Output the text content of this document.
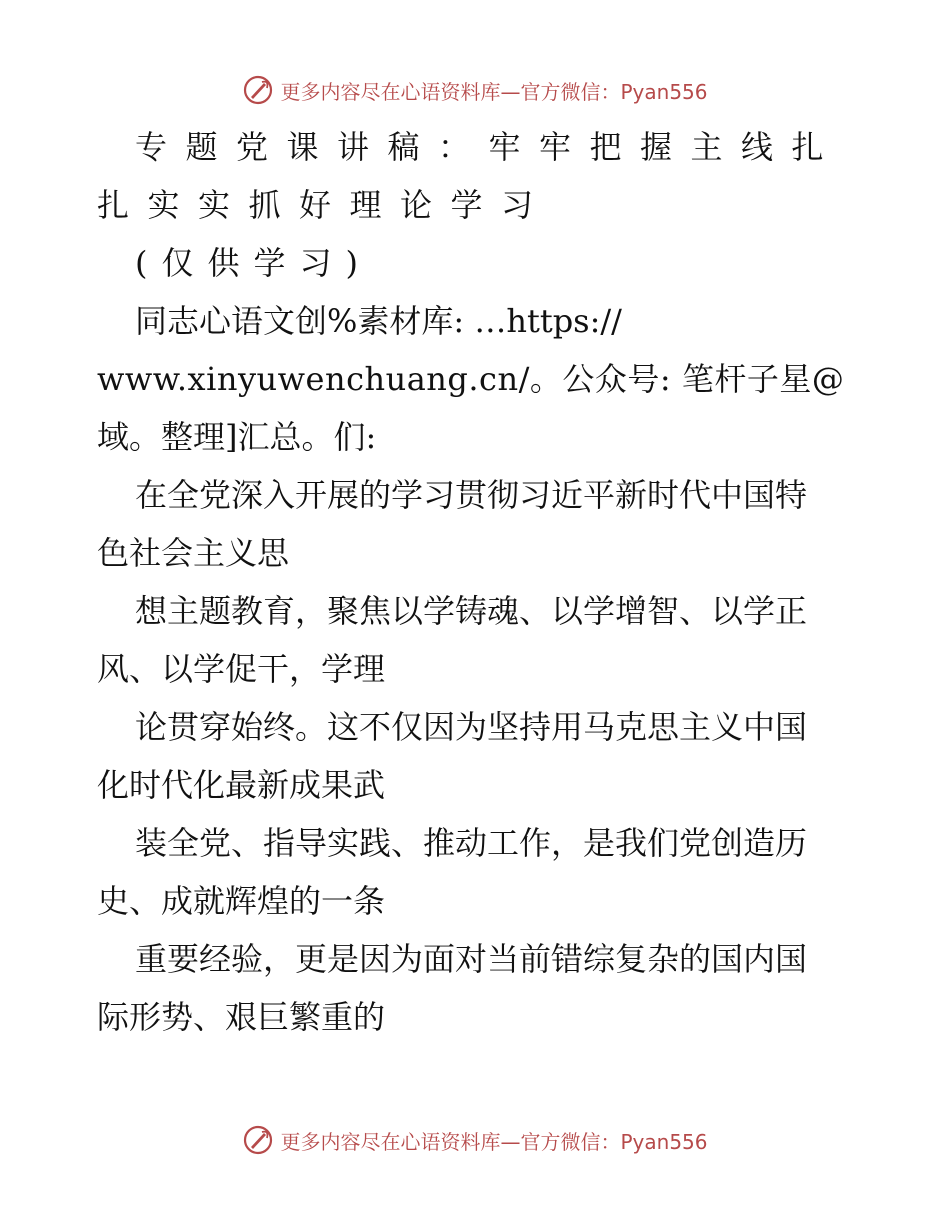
更多内容尽在心语资料库—官方微信：Pyan556
专题党课讲稿：牢牢把握主线扎
扎实实抓好理论学习
(仅供学习)
同志心语文创%素材库: …https://
www.xinyuwenchuang.cn/。公众号: 笔杆子星@
域。整理]汇总。们:
在全党深入开展的学习贯彻习近平新时代中国特
色社会主义思
想主题教育，聚焦以学铸魂、以学增智、以学正
风、以学促干，学理
论贯穿始终。这不仅因为坚持用马克思主义中国
化时代化最新成果武
装全党、指导实践、推动工作，是我们党创造历
史、成就辉煌的一条
重要经验，更是因为面对当前错综复杂的国内国
际形势、艰巨繁重的
更多内容尽在心语资料库—官方微信：Pyan556
